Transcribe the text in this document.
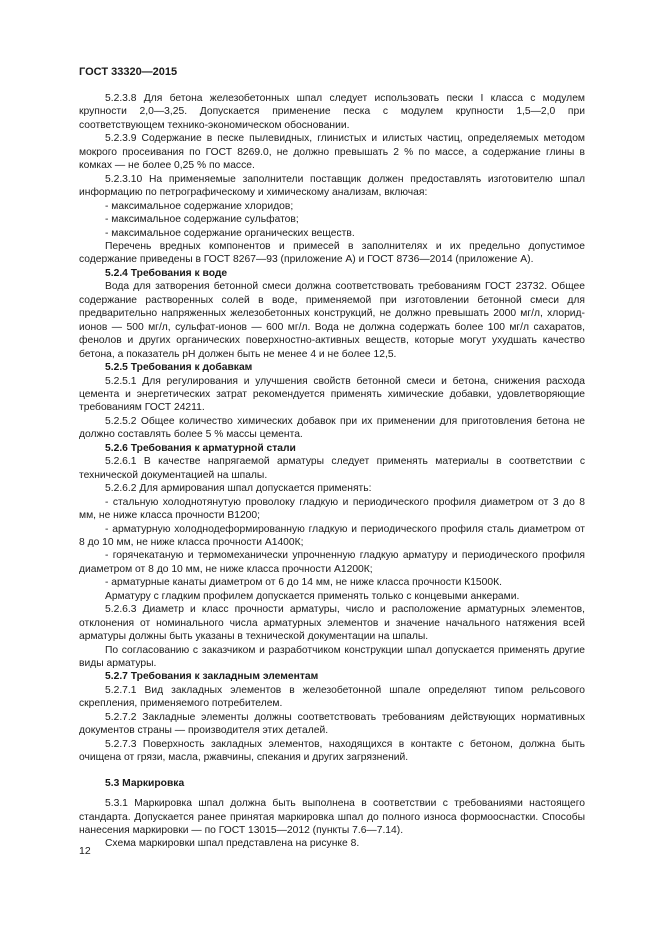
ГОСТ 33320—2015

5.2.3.8 Для бетона железобетонных шпал следует использовать пески I класса с модулем крупности 2,0—3,25. Допускается применение песка с модулем крупности 1,5—2,0 при соответствующем технико-экономическом обосновании.

5.2.3.9 Содержание в песке пылевидных, глинистых и илистых частиц, определяемых методом мокрого просеивания по ГОСТ 8269.0, не должно превышать 2 % по массе, а содержание глины в комках — не более 0,25 % по массе.

5.2.3.10 На применяемые заполнители поставщик должен предоставлять изготовителю шпал информацию по петрографическому и химическому анализам, включая:

- максимальное содержание хлоридов;

- максимальное содержание сульфатов;

- максимальное содержание органических веществ.

Перечень вредных компонентов и примесей в заполнителях и их предельно допустимое содержание приведены в ГОСТ 8267—93 (приложение А) и ГОСТ 8736—2014 (приложение А).

5.2.4 Требования к воде

Вода для затворения бетонной смеси должна соответствовать требованиям ГОСТ 23732. Общее содержание растворенных солей в воде, применяемой при изготовлении бетонной смеси для предварительно напряженных железобетонных конструкций, не должно превышать 2000 мг/л, хлорид-ионов — 500 мг/л, сульфат-ионов — 600 мг/л. Вода не должна содержать более 100 мг/л сахаратов, фенолов и других органических поверхностно-активных веществ, которые могут ухудшать качество бетона, а показатель pH должен быть не менее 4 и не более 12,5.

5.2.5 Требования к добавкам

5.2.5.1 Для регулирования и улучшения свойств бетонной смеси и бетона, снижения расхода цемента и энергетических затрат рекомендуется применять химические добавки, удовлетворяющие требованиям ГОСТ 24211.

5.2.5.2 Общее количество химических добавок при их применении для приготовления бетона не должно составлять более 5 % массы цемента.

5.2.6 Требования к арматурной стали

5.2.6.1 В качестве напрягаемой арматуры следует применять материалы в соответствии с технической документацией на шпалы.

5.2.6.2 Для армирования шпал допускается применять:

- стальную холоднотянутую проволоку гладкую и периодического профиля диаметром от 3 до 8 мм, не ниже класса прочности В1200;

- арматурную холоднодеформированную гладкую и периодического профиля сталь диаметром от 8 до 10 мм, не ниже класса прочности А1400К;

- горячекатаную и термомеханически упрочненную гладкую арматуру и периодического профиля диаметром от 8 до 10 мм, не ниже класса прочности А1200К;

- арматурные канаты диаметром от 6 до 14 мм, не ниже класса прочности К1500К.

Арматуру с гладким профилем допускается применять только с концевыми анкерами.

5.2.6.3 Диаметр и класс прочности арматуры, число и расположение арматурных элементов, отклонения от номинального числа арматурных элементов и значение начального натяжения всей арматуры должны быть указаны в технической документации на шпалы.

По согласованию с заказчиком и разработчиком конструкции шпал допускается применять другие виды арматуры.

5.2.7 Требования к закладным элементам

5.2.7.1 Вид закладных элементов в железобетонной шпале определяют типом рельсового скрепления, применяемого потребителем.

5.2.7.2 Закладные элементы должны соответствовать требованиям действующих нормативных документов страны — производителя этих деталей.

5.2.7.3 Поверхность закладных элементов, находящихся в контакте с бетоном, должна быть очищена от грязи, масла, ржавчины, спекания и других загрязнений.

5.3 Маркировка

5.3.1 Маркировка шпал должна быть выполнена в соответствии с требованиями настоящего стандарта. Допускается ранее принятая маркировка шпал до полного износа формооснастки. Способы нанесения маркировки — по ГОСТ 13015—2012 (пункты 7.6—7.14).

Схема маркировки шпал представлена на рисунке 8.

12
